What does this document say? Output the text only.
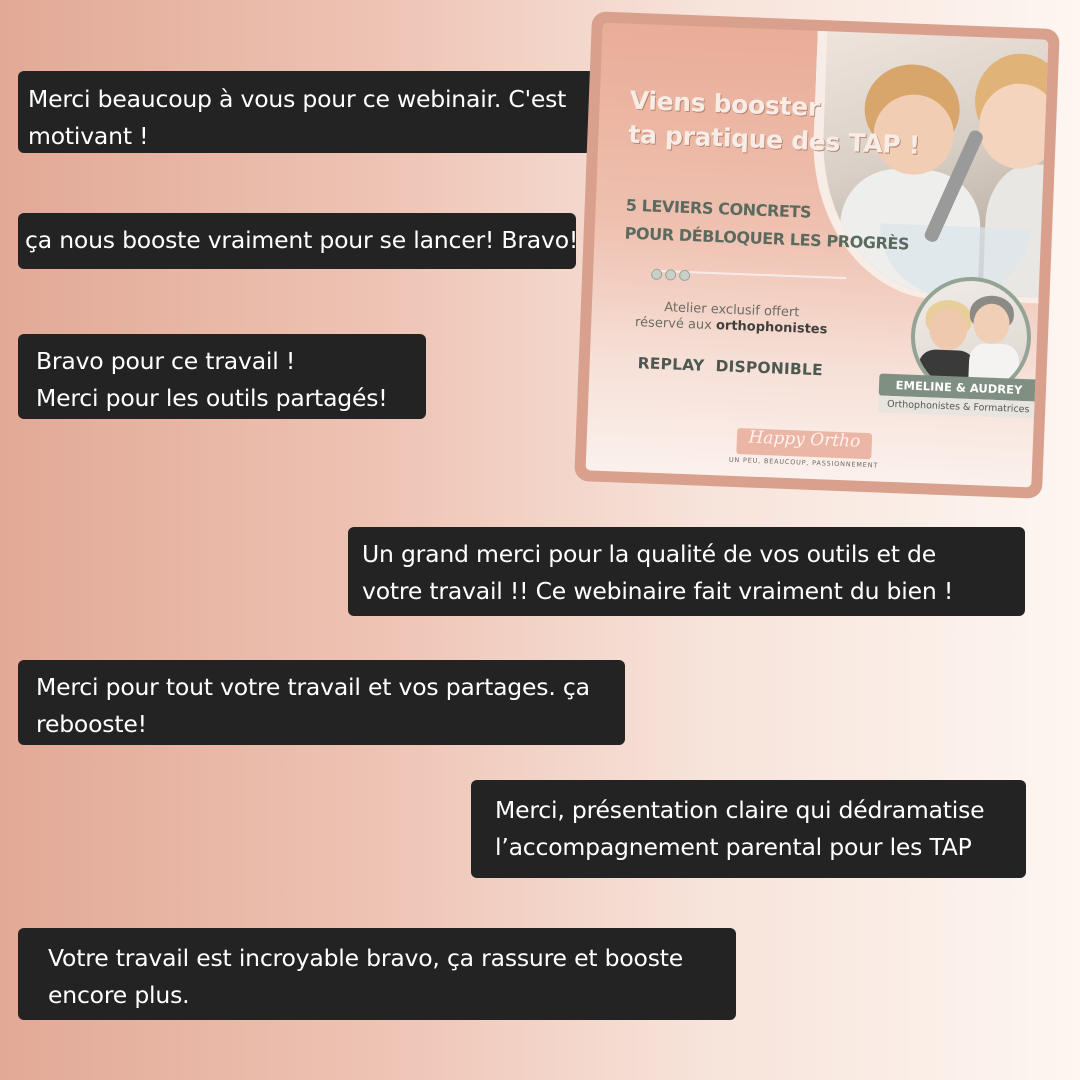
Merci beaucoup à vous pour ce webinair. C'est
motivant !
ça nous booste vraiment pour se lancer! Bravo!
Bravo pour ce travail !
Merci pour les outils partagés!
Un grand merci pour la qualité de vos outils et de
votre travail !! Ce webinaire fait vraiment du bien !
Merci pour tout votre travail et vos partages. ça
rebooste!
Merci, présentation claire qui dédramatise
l’accompagnement parental pour les TAP
Votre travail est incroyable bravo, ça rassure et booste
encore plus.
Viens booster
ta pratique des TAP !
5 LEVIERS CONCRETS
POUR DÉBLOQUER LES PROGRÈS
Atelier exclusif offert
réservé aux orthophonistes
REPLAY  DISPONIBLE
EMELINE & AUDREY
Orthophonistes & Formatrices
Happy Ortho
UN PEU, BEAUCOUP, PASSIONNEMENT
